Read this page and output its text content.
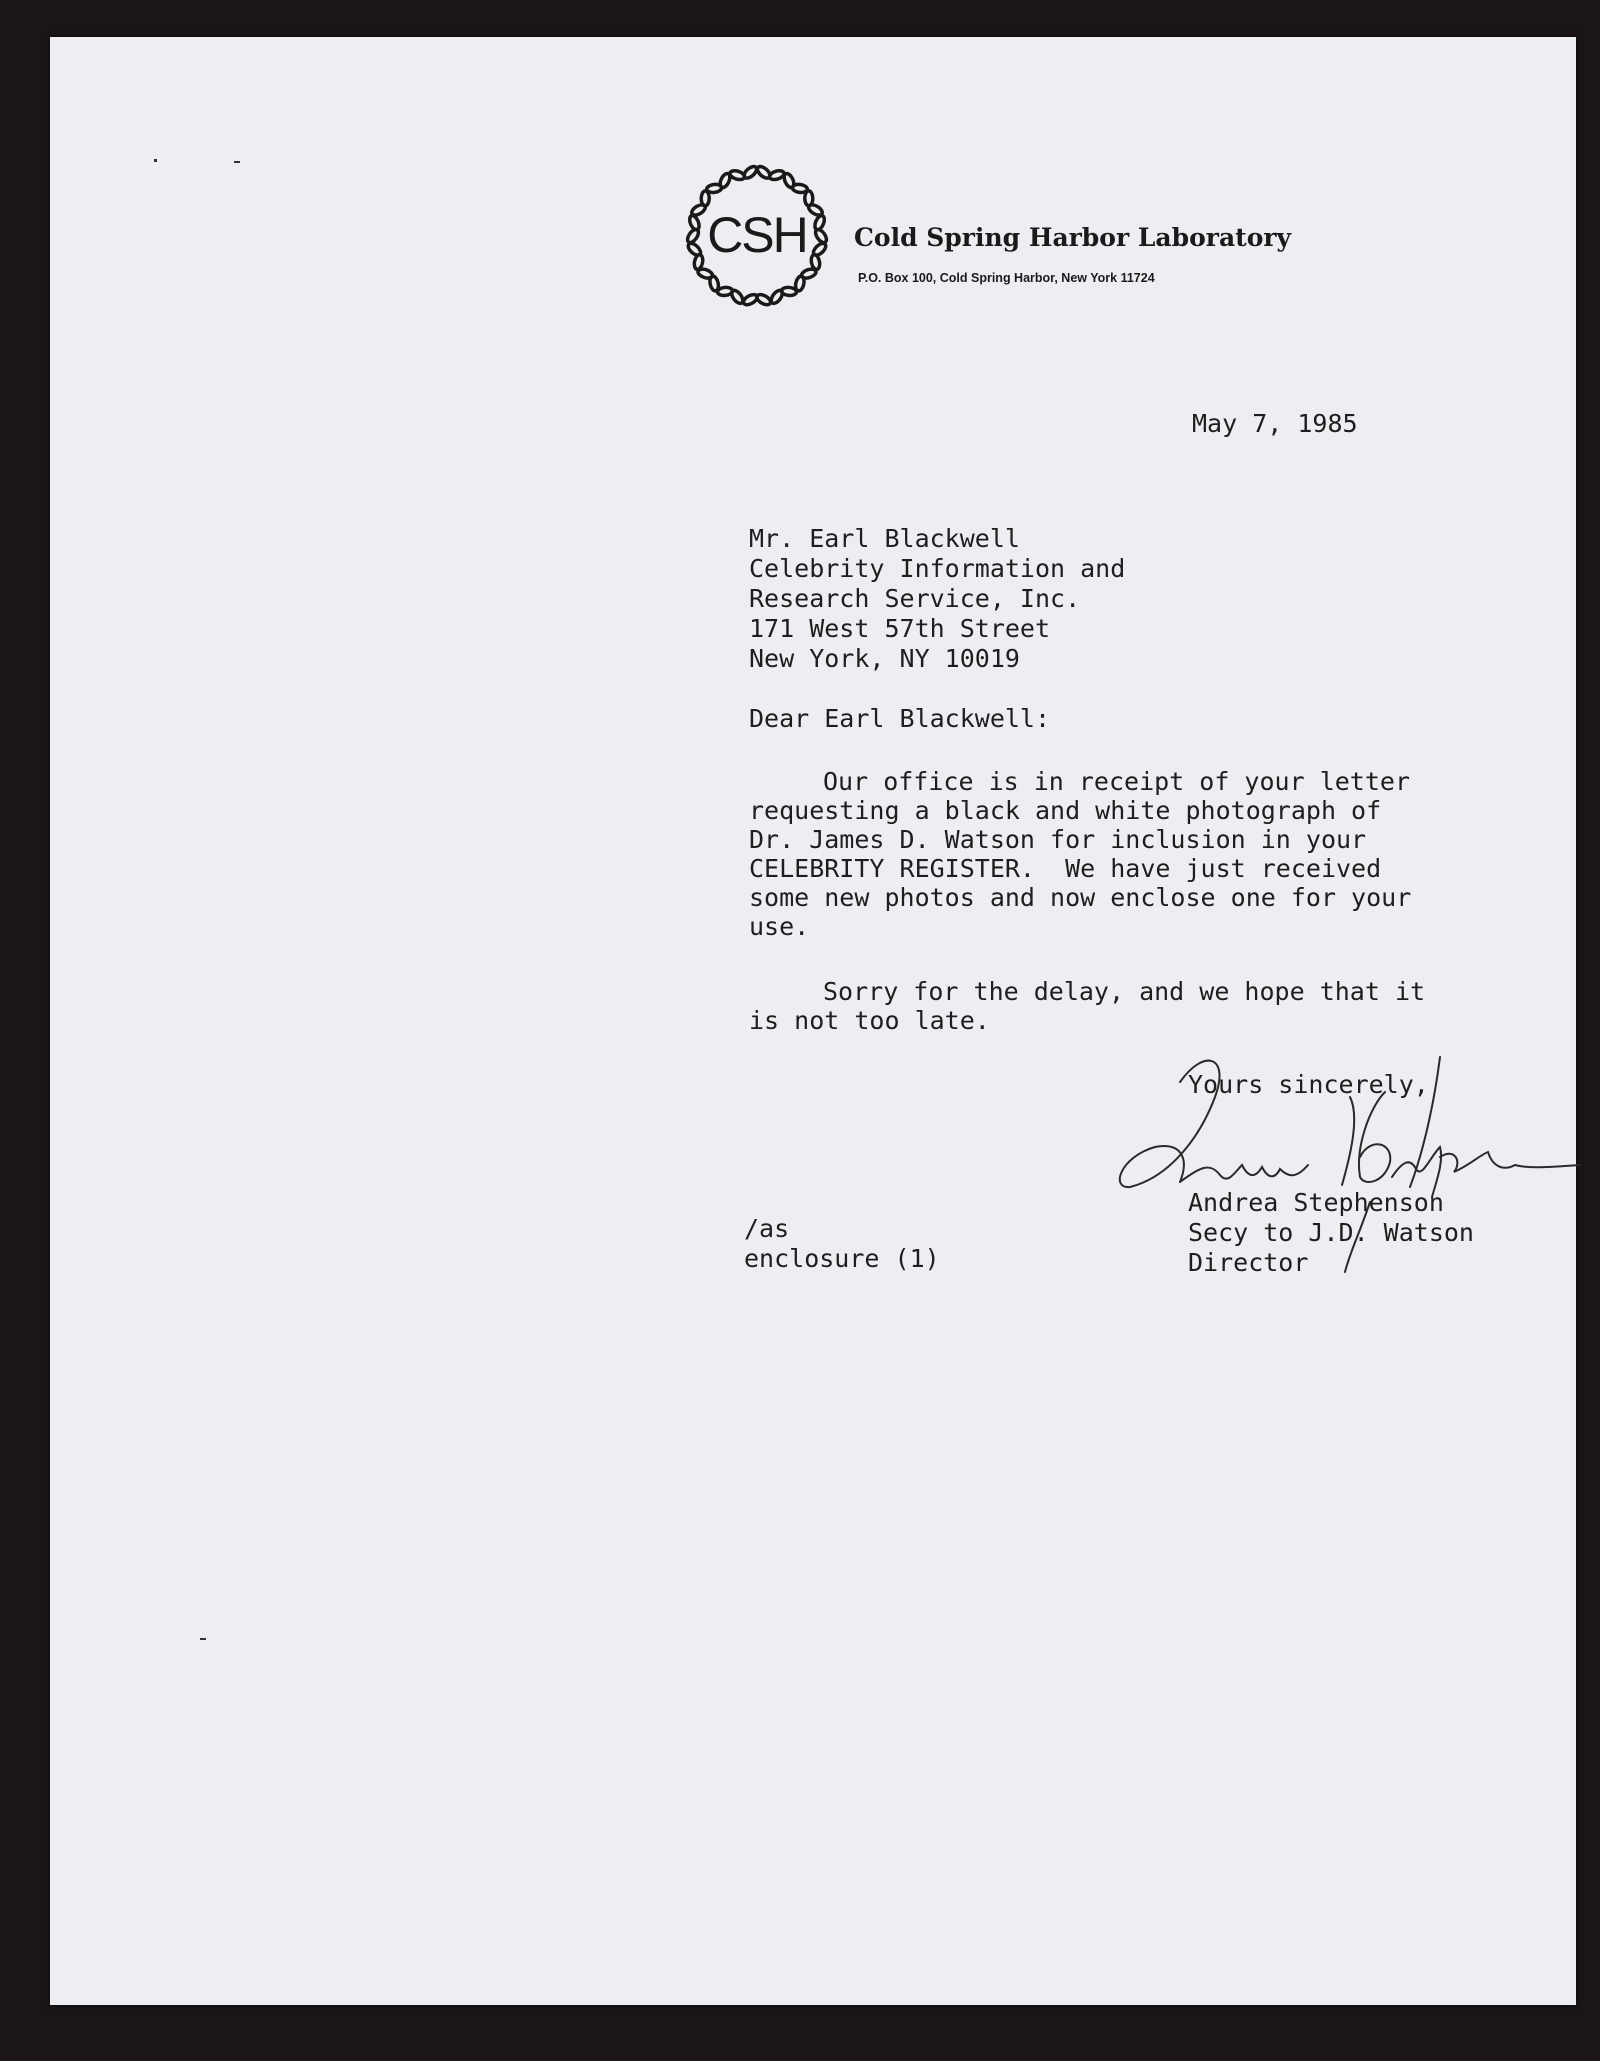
CSH Cold Spring Harbor Laboratory
P.O. Box 100, Cold Spring Harbor, New York 11724
May 7, 1985
Mr. Earl Blackwell
Celebrity Information and
Research Service, Inc.
171 West 57th Street
New York, NY 10019
Dear Earl Blackwell:
Our office is in receipt of your letter requesting a black and white photograph of Dr. James D. Watson for inclusion in your CELEBRITY REGISTER.  We have just received some new photos and now enclose one for your use.
Sorry for the delay, and we hope that it is not too late.
Yours sincerely,
Andrea Stephenson
Secy to J.D. Watson
Director
/as
enclosure (1)
